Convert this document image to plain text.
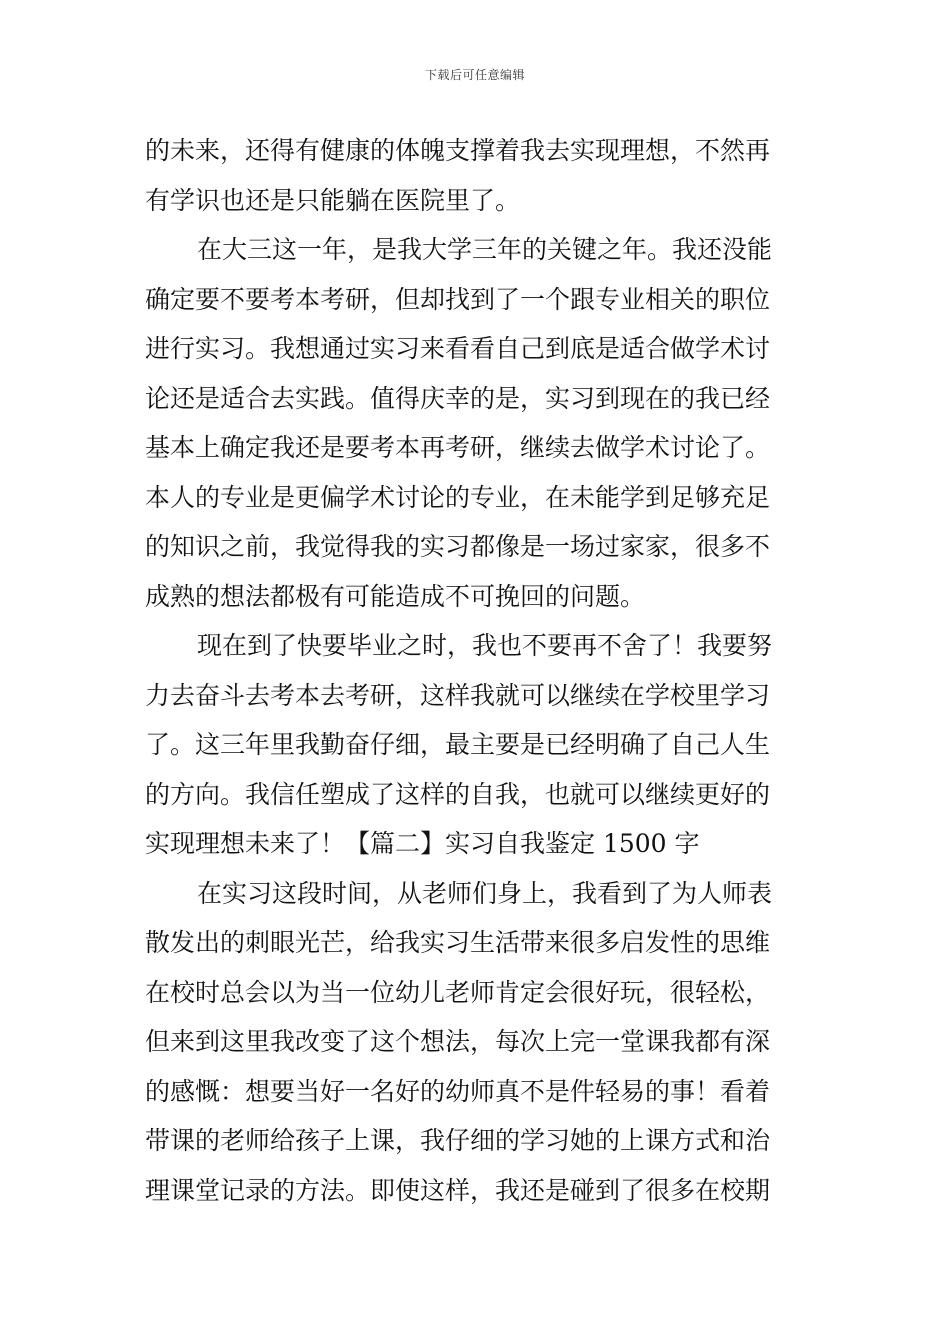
下载后可任意编辑
的未来，还得有健康的体魄支撑着我去实现理想，不然再
有学识也还是只能躺在医院里了。
在大三这一年，是我大学三年的关键之年。我还没能
确定要不要考本考研，但却找到了一个跟专业相关的职位
进行实习。我想通过实习来看看自己到底是适合做学术讨
论还是适合去实践。值得庆幸的是，实习到现在的我已经
基本上确定我还是要考本再考研，继续去做学术讨论了。
本人的专业是更偏学术讨论的专业，在未能学到足够充足
的知识之前，我觉得我的实习都像是一场过家家，很多不
成熟的想法都极有可能造成不可挽回的问题。
现在到了快要毕业之时，我也不要再不舍了！我要努
力去奋斗去考本去考研，这样我就可以继续在学校里学习
了。这三年里我勤奋仔细，最主要是已经明确了自己人生
的方向。我信任塑成了这样的自我，也就可以继续更好的
实现理想未来了！【篇二】实习自我鉴定 1500 字
在实习这段时间，从老师们身上，我看到了为人师表
散发出的刺眼光芒，给我实习生活带来很多启发性的思维
在校时总会以为当一位幼儿老师肯定会很好玩，很轻松，
但来到这里我改变了这个想法，每次上完一堂课我都有深
的感慨：想要当好一名好的幼师真不是件轻易的事！看着
带课的老师给孩子上课，我仔细的学习她的上课方式和治
理课堂记录的方法。即使这样，我还是碰到了很多在校期
